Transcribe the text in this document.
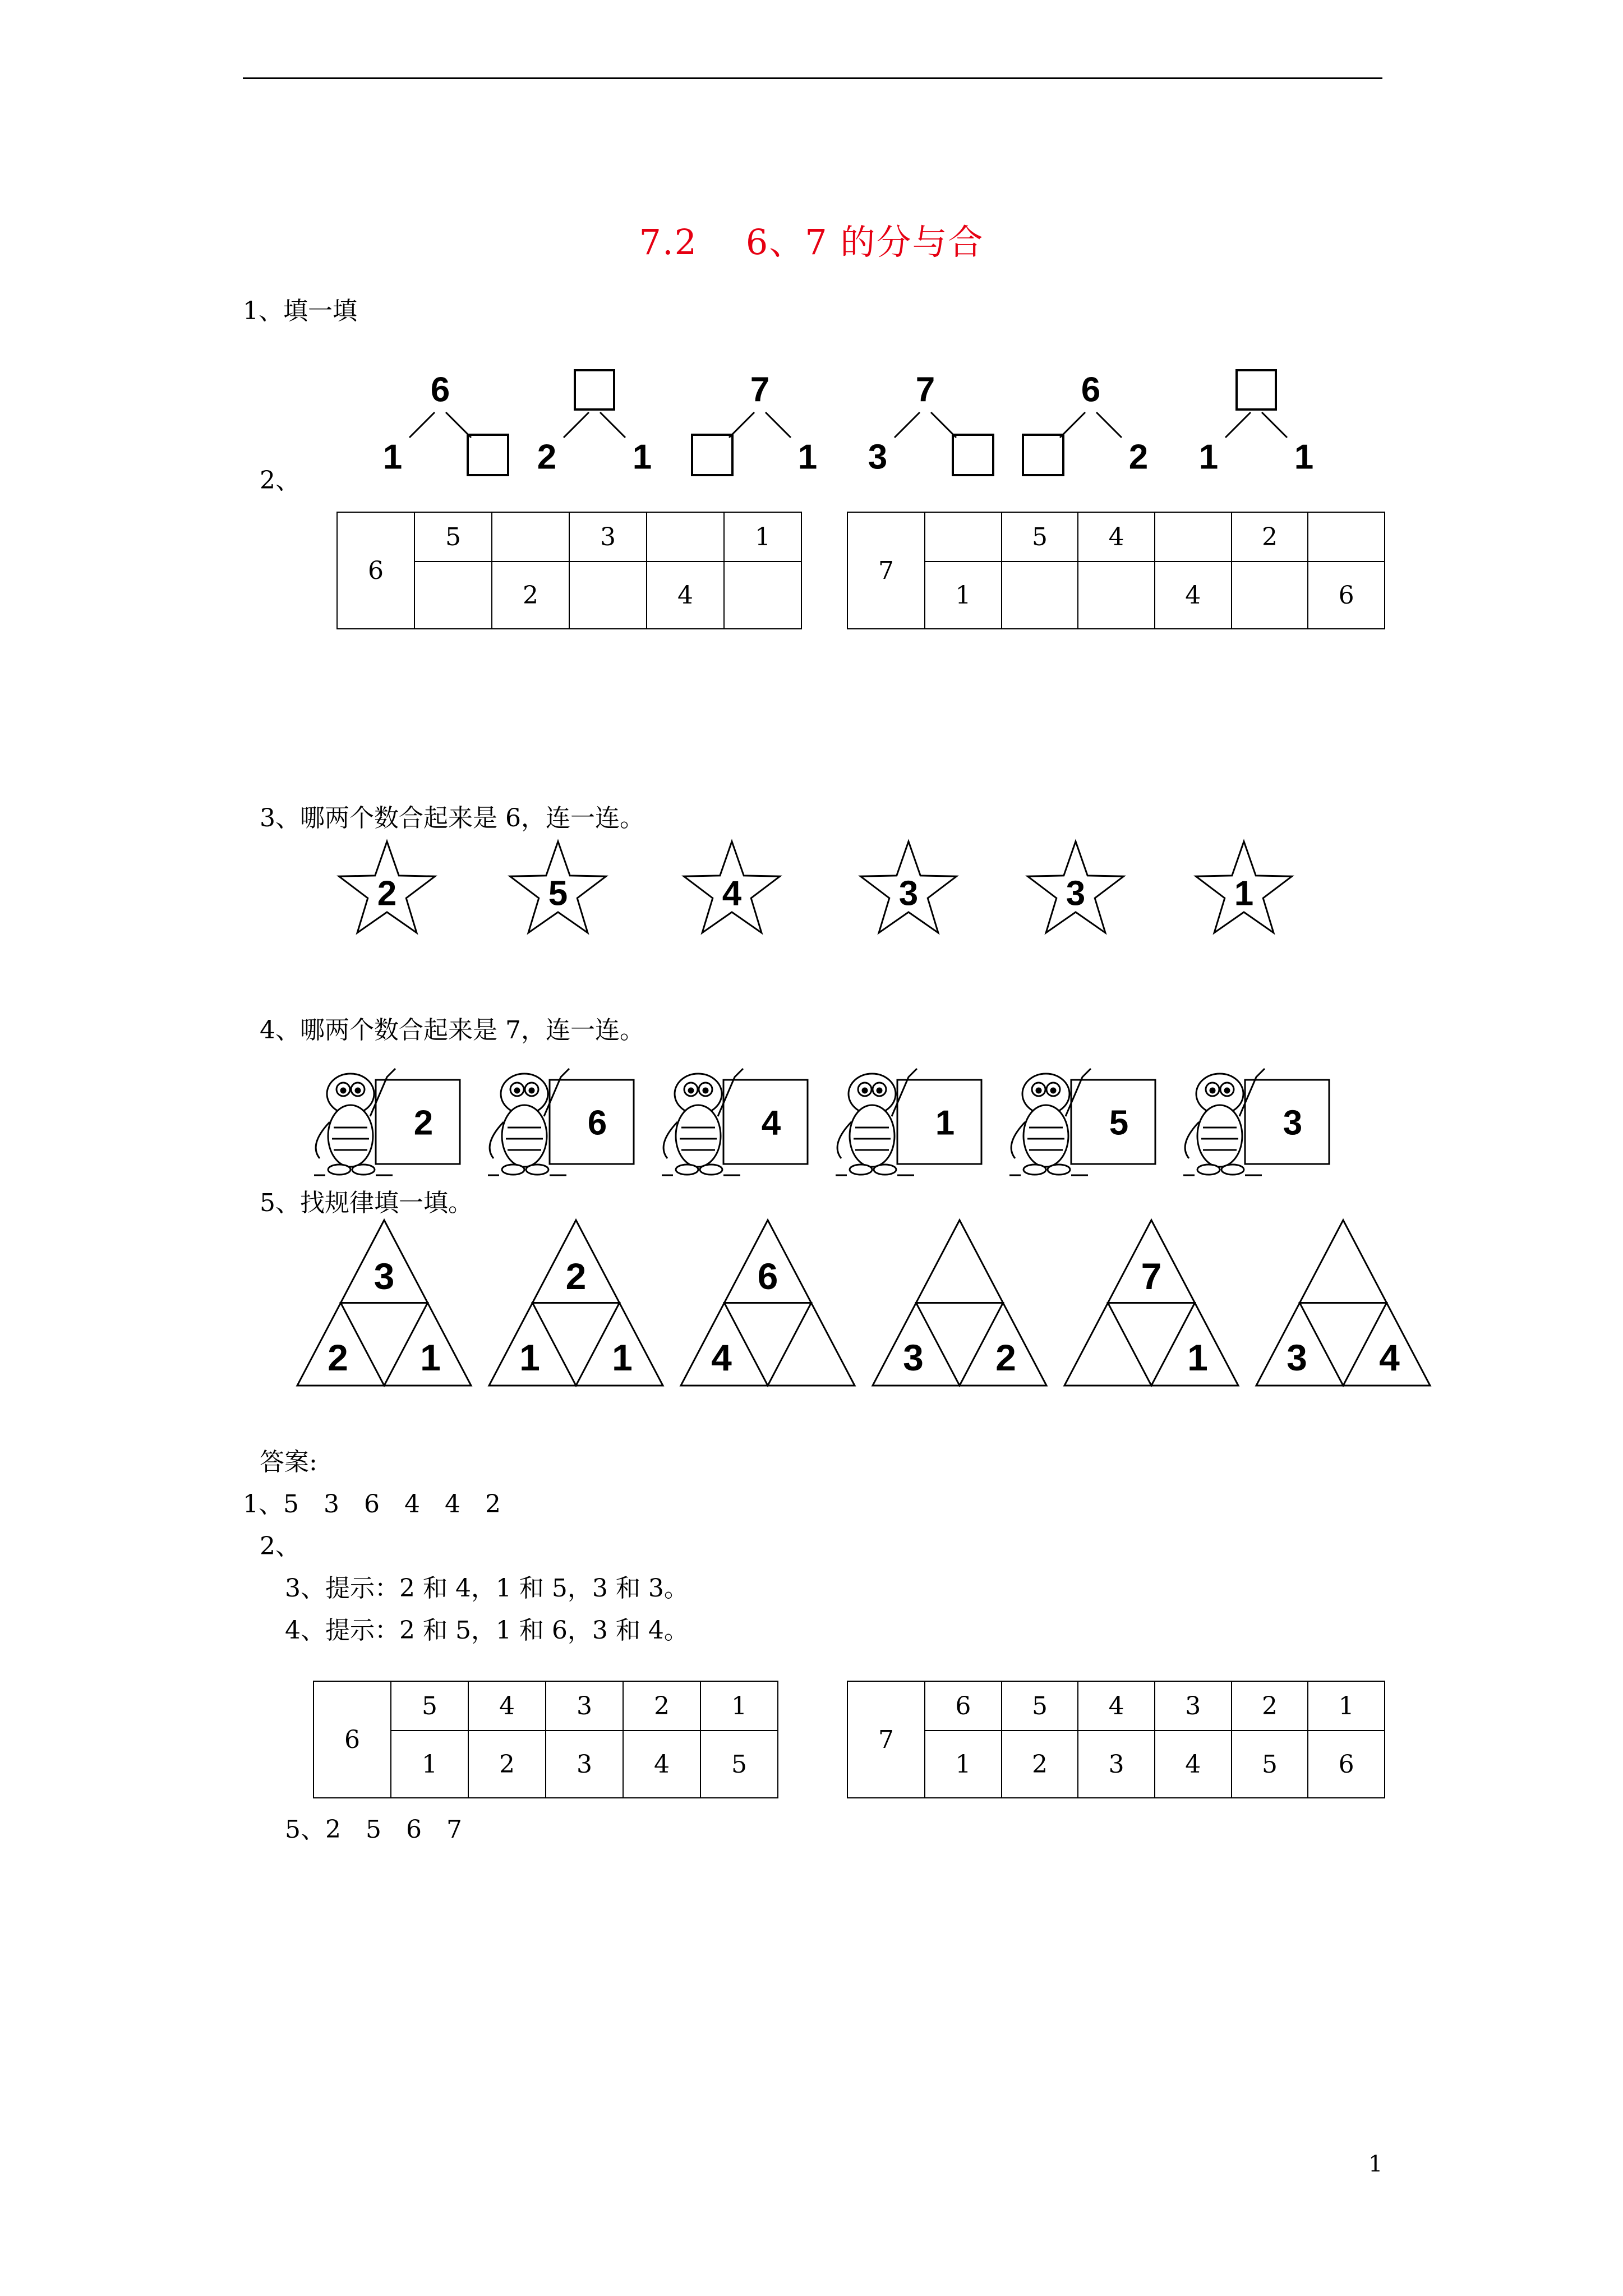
7.2　 6、7 的分与合
1、填一填
6
1	2 1
7
1
7
3
6
2 1 1
2、
6	5		3		1
		2		4	
7		5	4		2	
	1			4		6
3、哪两个数合起来是 6，连一连。
2	5	4	3	3	1
4、哪两个数合起来是 7，连一连。
2	6	4	1	5	3
5、找规律填一填。
3
2 1
2
1 1
6
4	3 2
7
1 3 4
答案:
1、5　3　6　4　4　2
2、
3、提示：2 和 4，1 和 5，3 和 3。
4、提示：2 和 5，1 和 6，3 和 4。
6	5	4	3	2	1
	1	2	3	4	5
7	6	5	4	3	2	1
	1	2	3	4	5	6
5、2　5　6　7
1
